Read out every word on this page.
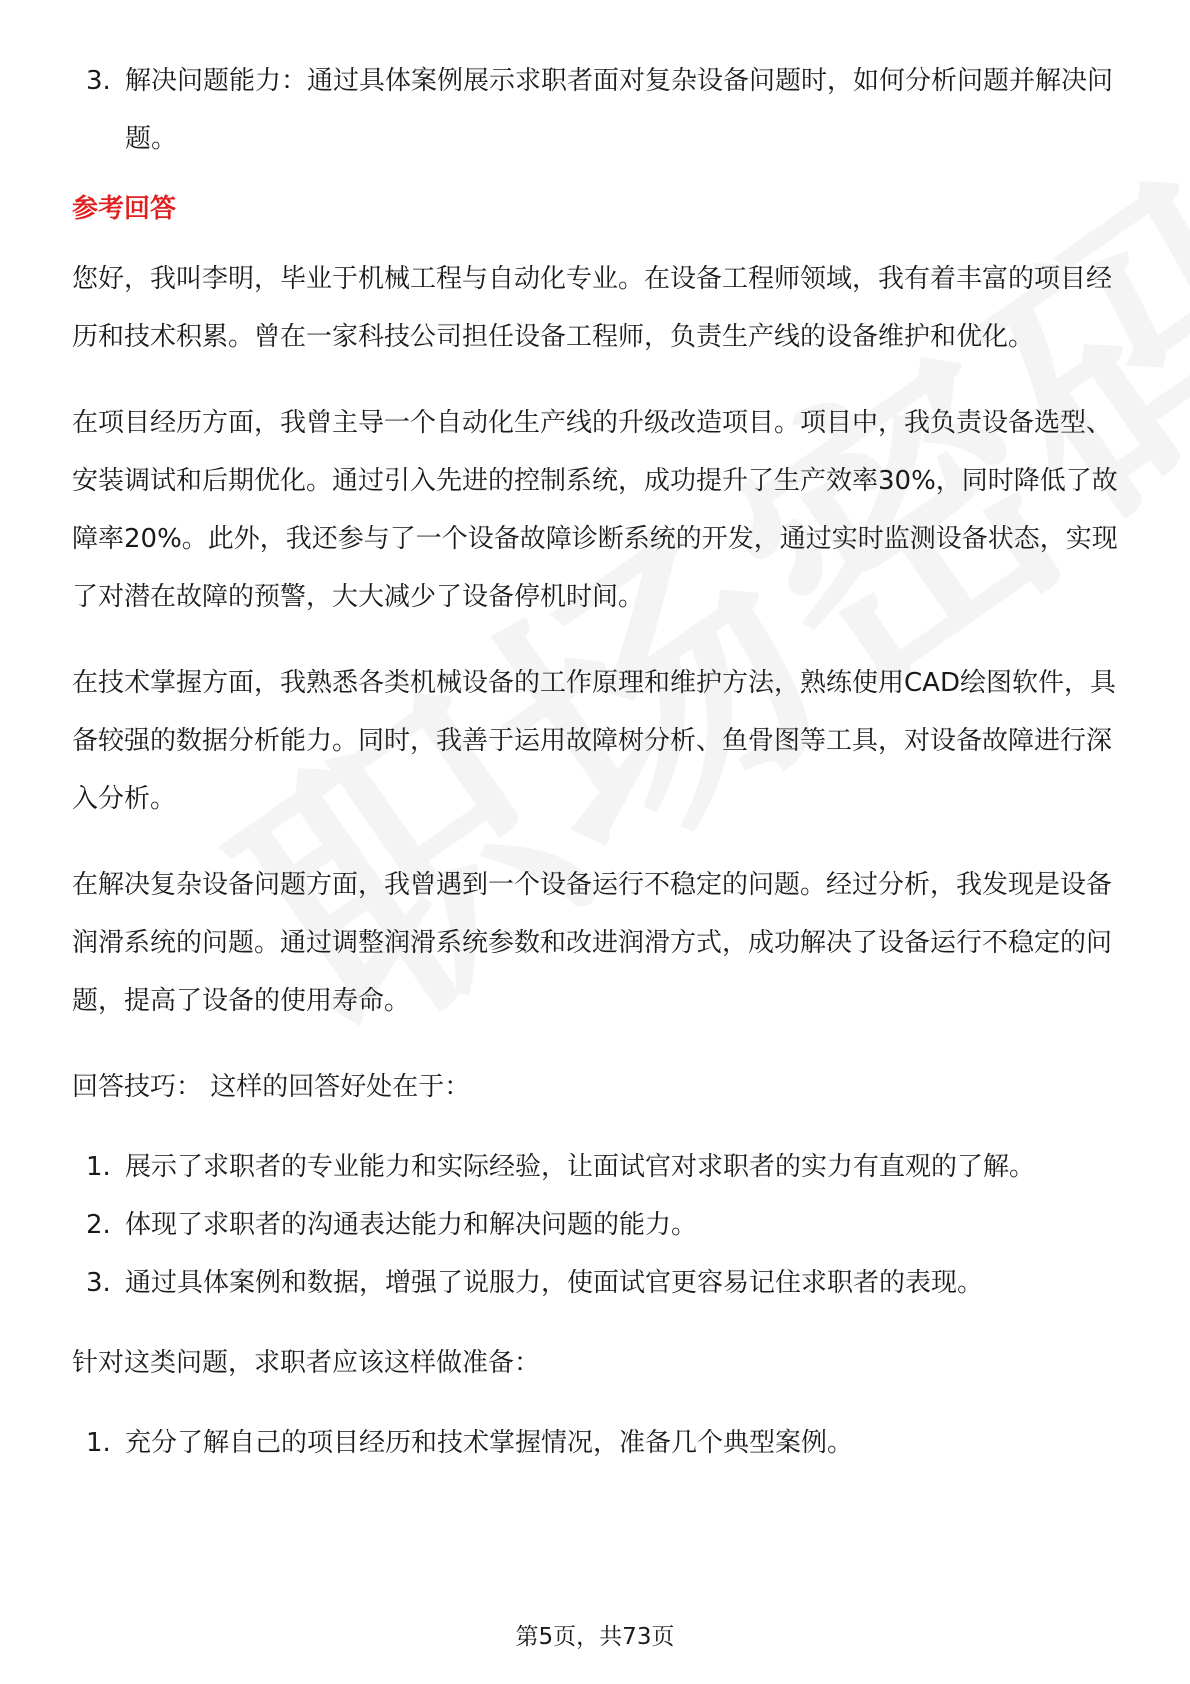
3. 解决问题能力：通过具体案例展示求职者面对复杂设备问题时，如何分析问题并解决问题。
参考回答

您好，我叫李明，毕业于机械工程与自动化专业。在设备工程师领域，我有着丰富的项目经历和技术积累。曾在一家科技公司担任设备工程师，负责生产线的设备维护和优化。

在项目经历方面，我曾主导一个自动化生产线的升级改造项目。项目中，我负责设备选型、安装调试和后期优化。通过引入先进的控制系统，成功提升了生产效率30%，同时降低了故障率20%。此外，我还参与了一个设备故障诊断系统的开发，通过实时监测设备状态，实现了对潜在故障的预警，大大减少了设备停机时间。

在技术掌握方面，我熟悉各类机械设备的工作原理和维护方法，熟练使用CAD绘图软件，具备较强的数据分析能力。同时，我善于运用故障树分析、鱼骨图等工具，对设备故障进行深入分析。

在解决复杂设备问题方面，我曾遇到一个设备运行不稳定的问题。经过分析，我发现是设备润滑系统的问题。通过调整润滑系统参数和改进润滑方式，成功解决了设备运行不稳定的问题，提高了设备的使用寿命。

回答技巧： 这样的回答好处在于：

1. 展示了求职者的专业能力和实际经验，让面试官对求职者的实力有直观的了解。
2. 体现了求职者的沟通表达能力和解决问题的能力。
3. 通过具体案例和数据，增强了说服力，使面试官更容易记住求职者的表现。

针对这类问题，求职者应该这样做准备：

1. 充分了解自己的项目经历和技术掌握情况，准备几个典型案例。
第5页，共73页
